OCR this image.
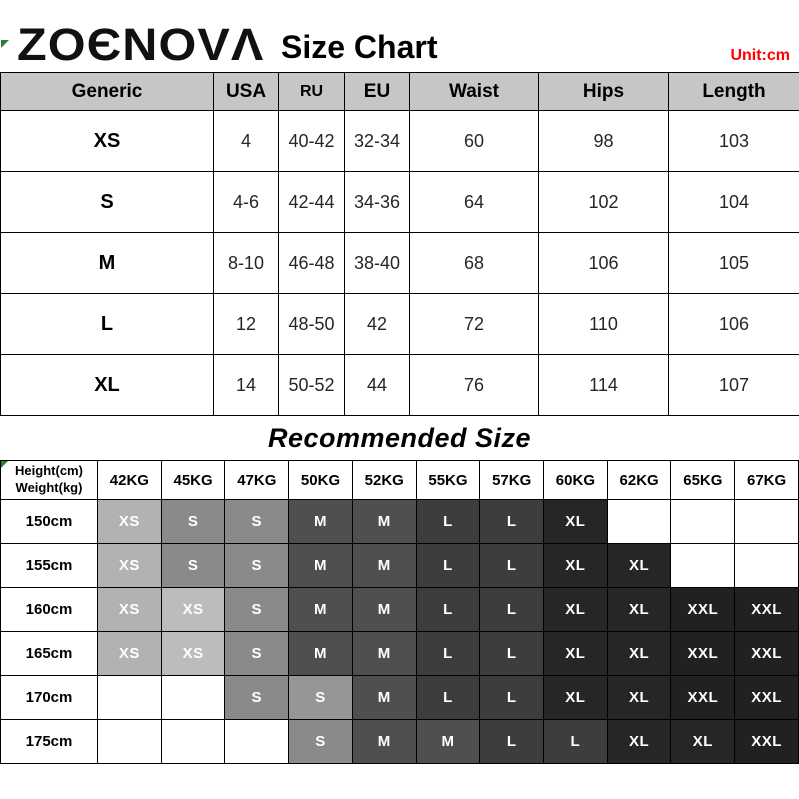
ZOЄNOVΛ Size Chart	Unit:cm
Generic	USA	RU	EU	Waist	Hips	Length
XS	4	40-42	32-34	60	98	103
S	4-6	42-44	34-36	64	102	104
M	8-10	46-48	38-40	68	106	105
L	12	48-50	42	72	110	106
XL	14	50-52	44	76	114	107
Recommended Size
Height(cm)
Weight(kg)	42KG	45KG	47KG	50KG	52KG	55KG	57KG	60KG	62KG	65KG	67KG
150cm	XS	S	S	M	M	L	L	XL			
155cm	XS	S	S	M	M	L	L	XL	XL		
160cm	XS	XS	S	M	M	L	L	XL	XL	XXL	XXL
165cm	XS	XS	S	M	M	L	L	XL	XL	XXL	XXL
170cm			S	S	M	L	L	XL	XL	XXL	XXL
175cm				S	M	M	L	L	XL	XL	XXL
